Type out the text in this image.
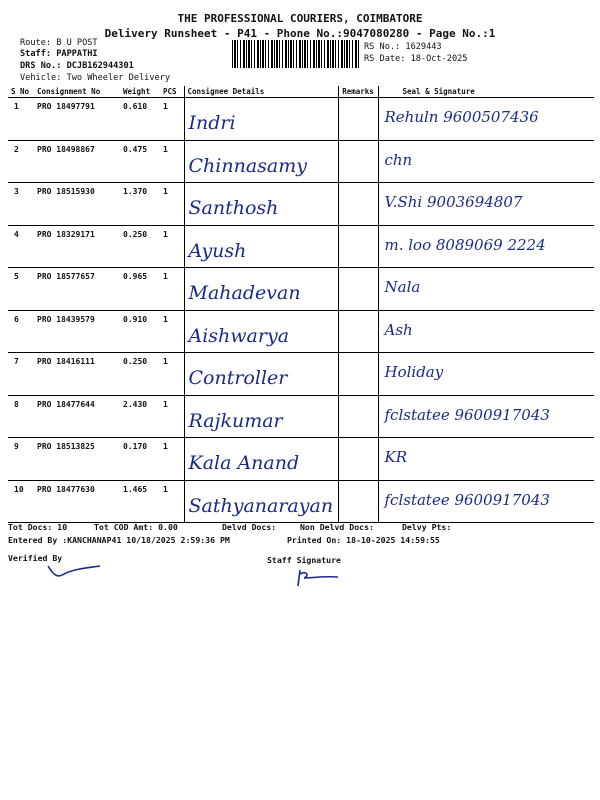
THE PROFESSIONAL COURIERS, COIMBATORE
Delivery Runsheet - P41 - Phone No.:9047080280 - Page No.:1
Route: B U POST
Staff: PAPPATHI
DRS No.: DCJB162944301
Vehicle: Two Wheeler Delivery
RS No.: 1629443
RS Date: 18-Oct-2025
S No	Consignment No	Weight	PCS	Consignee Details	Remarks	Seal & Signature
1	PRO 18497791	0.610	1	Indri		Rehuln 9600507436

2	PRO 18498867	0.475	1	Chinnasamy		chn

3	PRO 18515930	1.370	1	Santhosh		V.Shi 9003694807

4	PRO 18329171	0.250	1	Ayush		m. loo 8089069 2224

5	PRO 18577657	0.965	1	Mahadevan		Nala

6	PRO 18439579	0.910	1	Aishwarya		Ash

7	PRO 18416111	0.250	1	Controller		Holiday

8	PRO 18477644	2.430	1	Rajkumar		fclstatee 9600917043

9	PRO 18513825	0.170	1	Kala Anand		KR

10	PRO 18477630	1.465	1	Sathyanarayan		fclstatee 9600917043
Tot Docs: 10	Tot COD Amt: 0.00	Delvd Docs:	Non Delvd Docs:	Delvy Pts:
Entered By :KANCHANAP41 10/18/2025 2:59:36 PM	Printed On: 18-10-2025 14:59:55
Verified By	Staff Signature
